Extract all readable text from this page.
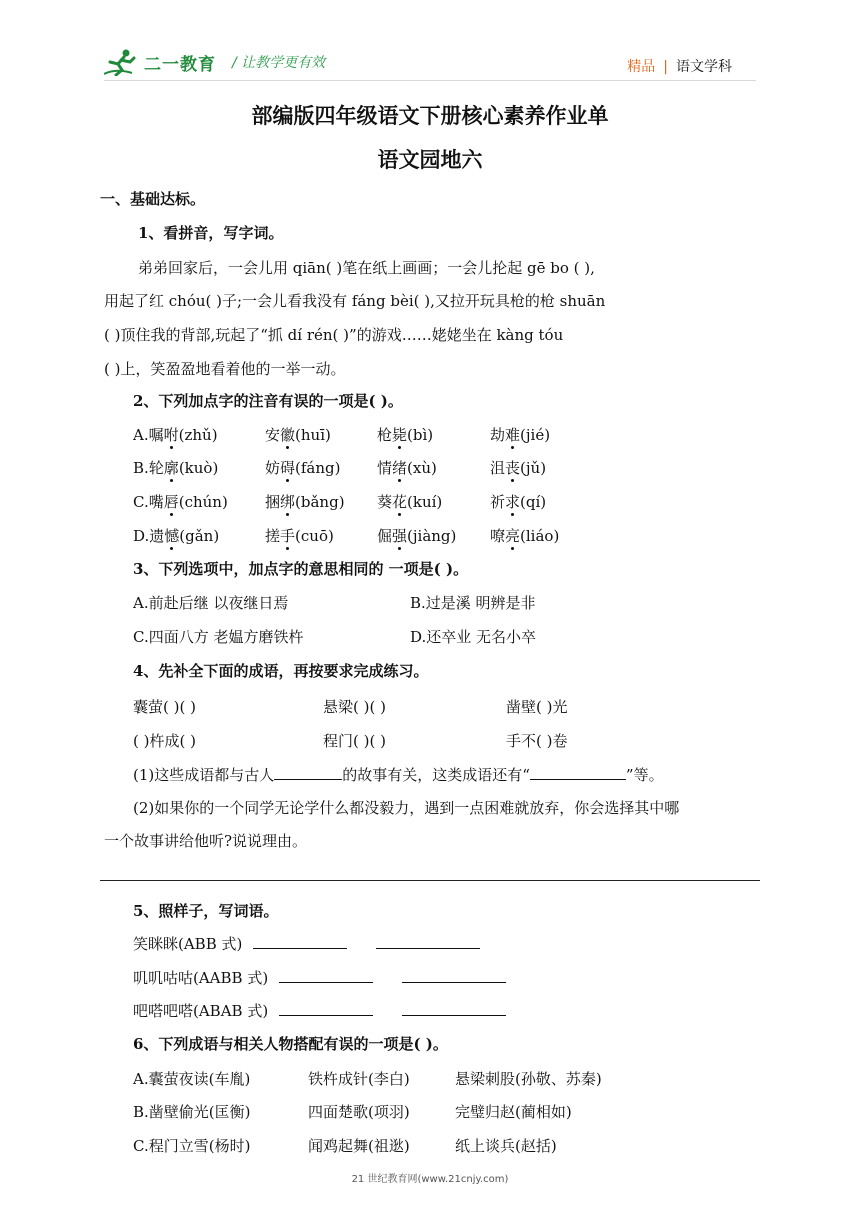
二一教育 / 让教学更有效	精品 | 语文学科
部编版四年级语文下册核心素养作业单
语文园地六
一、基础达标。
1、看拼音，写字词。
弟弟回家后，一会儿用 qiān( )笔在纸上画画；一会儿抡起 gē bo ( ),
用起了红 chóu( )子;一会儿看我没有 fáng bèi( ),又拉开玩具枪的枪 shuān
( )顶住我的背部,玩起了“抓 dí rén( )”的游戏……姥姥坐在 kàng tóu
( )上，笑盈盈地看着他的一举一动。
2、下列加点字的注音有误的一项是( )。
A.嘱咐(zhǔ)	安徽(huī)	枪毙(bì)	劫难(jié)
B.轮廓(kuò)	妨碍(fáng) 情绪(xù)	沮丧(jǔ)
C.嘴唇(chún) 捆绑(bǎng) 葵花(kuí)	祈求(qí)
D.遗憾(gǎn)	搓手(cuō)	倔强(jiàng) 嘹亮(liáo)
3、下列选项中，加点字的意思相同的 一项是( )。
A.前赴后继 以夜继日焉	B.过是溪 明辨是非
C.四面八方 老媪方磨铁杵	D.还卒业 无名小卒
4、先补全下面的成语，再按要求完成练习。
囊萤( )( )	悬梁( )( )	凿壁( )光
( )杵成( )	程门( )( )	手不( )卷
(1)这些成语都与古人	的故事有关，这类成语还有“	”等。
(2)如果你的一个同学无论学什么都没毅力，遇到一点困难就放弃，你会选择其中哪
一个故事讲给他听?说说理由。
5、照样子，写词语。
笑眯眯(ABB 式)
叽叽咕咕(AABB 式)
吧嗒吧嗒(ABAB 式)
6、下列成语与相关人物搭配有误的一项是( )。
A.囊萤夜读(车胤)	铁杵成针(李白)	悬梁刺股(孙敬、苏秦)
B.凿壁偷光(匡衡)	四面楚歌(项羽)	完璧归赵(蔺相如)
C.程门立雪(杨时)	闻鸡起舞(祖逖)	纸上谈兵(赵括)
21 世纪教育网(www.21cnjy.com)
